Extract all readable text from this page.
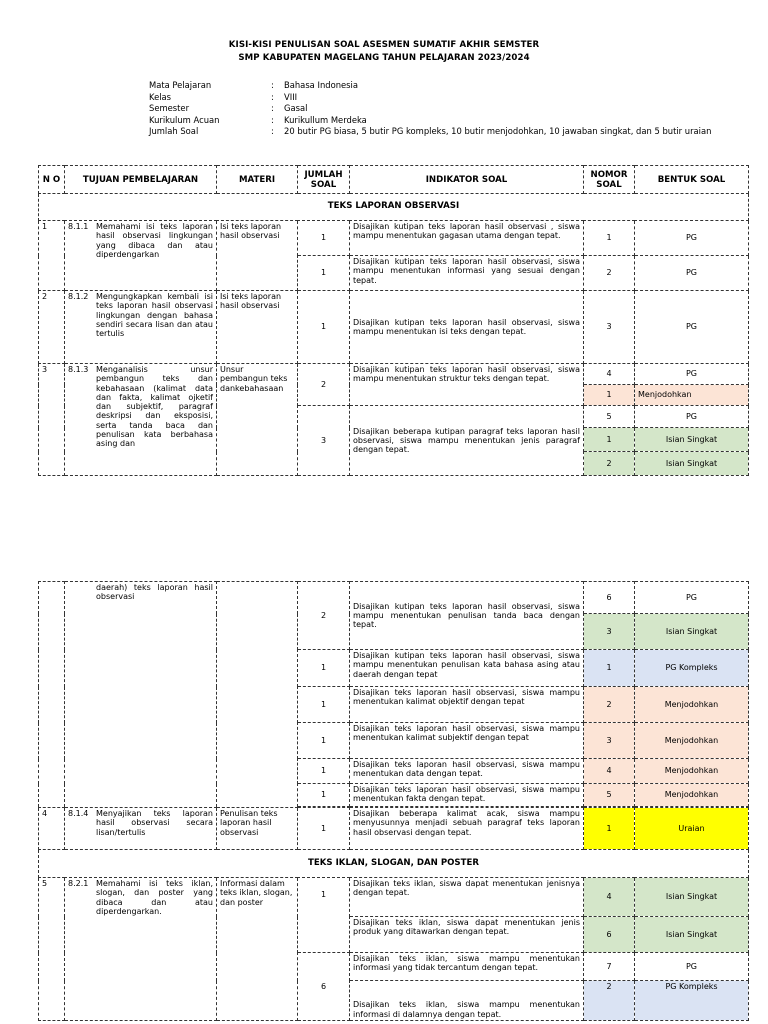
KISI-KISI PENULISAN SOAL ASESMEN SUMATIF AKHIR SEMSTER
SMP KABUPATEN MAGELANG TAHUN PELAJARAN 2023/2024
Mata Pelajaran	:	Bahasa Indonesia
Kelas	:	VIII
Semester	:	Gasal
Kurikulum Acuan	:	Kurikullum Merdeka
Jumlah Soal	:	20 butir PG biasa, 5 butir PG kompleks, 10 butir menjodohkan, 10 jawaban singkat, dan 5 butir uraian
N O	TUJUAN PEMBELAJARAN	MATERI	JUMLAH SOAL	INDIKATOR SOAL	NOMOR SOAL	BENTUK SOAL
TEKS LAPORAN OBSERVASI						
1	8.1.1 Memahami isi teks laporan hasil observasi lingkungan yang dibaca dan atau diperdengarkan	Isi teks laporan hasil observasi	1	Disajikan kutipan teks laporan hasil observasi , siswa mampu menentukan gagasan utama dengan tepat.	1	PG
			1	Disajikan kutipan teks laporan hasil observasi, siswa mampu menentukan informasi yang sesuai dengan tepat.	2	PG
2	8.1.2 Mengungkapkan kembali isi teks laporan hasil observasi lingkungan dengan bahasa sendiri secara lisan dan atau tertulis	Isi teks laporan hasil observasi	1	Disajikan kutipan teks laporan hasil observasi, siswa mampu menentukan isi teks dengan tepat.	3	PG
3	8.1.3 Menganalisis unsur pembangun teks dan kebahasaan (kalimat data dan fakta, kalimat ojketif dan subjektif, paragraf deskripsi dan eksposisi, serta tanda baca dan penulisan kata berbahasa asing dan	Unsur pembangun teks dankebahasaan	2	Disajikan kutipan teks laporan hasil observasi, siswa mampu menentukan struktur teks dengan tepat.	4	PG
					1	Menjodohkan
			3	Disajikan beberapa kutipan paragraf teks laporan hasil observasi, siswa mampu menentukan jenis paragraf dengan tepat.	5	PG
					1	Isian Singkat
					2	Isian Singkat

	daerah) teks laporan hasil observasi		2	Disajikan kutipan teks laporan hasil observasi, siswa mampu menentukan penulisan tanda baca dengan tepat.	6	PG
					3	Isian Singkat
			1	Disajikan kutipan teks laporan hasil observasi, siswa mampu menentukan penulisan kata bahasa asing atau daerah dengan tepat	1	PG Kompleks
			1	Disajikan teks laporan hasil observasi, siswa mampu menentukan kalimat objektif dengan tepat	2	Menjodohkan
			1	Disajikan teks laporan hasil observasi, siswa mampu menentukan kalimat subjektif dengan tepat	3	Menjodohkan
			1	Disajikan teks laporan hasil observasi, siswa mampu menentukan data dengan tepat.	4	Menjodohkan
			1	Disajikan teks laporan hasil observasi, siswa mampu menentukan fakta dengan tepat.	5	Menjodohkan

4	8.1.4 Menyajikan teks laporan hasil observasi secara lisan/tertulis	Penulisan teks laporan hasil observasi	1	Disajikan beberapa kalimat acak, siswa mampu menyusunnya menjadi sebuah paragraf teks laporan hasil observasi dengan tepat.	1	Uraian
TEKS IKLAN, SLOGAN, DAN POSTER						
5	8.2.1 Memahami isi teks iklan, slogan, dan poster yang dibaca dan atau diperdengarkan.	Informasi dalam teks iklan, slogan, dan poster	1	Disajikan teks iklan, siswa dapat menentukan jenisnya dengan tepat.	4	Isian Singkat
				Disajikan teks iklan, siswa dapat menentukan jenis produk yang ditawarkan dengan tepat.	6	Isian Singkat
			6	Disajikan teks iklan, siswa mampu menentukan informasi yang tidak tercantum dengan tepat.	7	PG
				Disajikan teks iklan, siswa mampu menentukan informasi di dalamnya dengan tepat.	2	PG Kompleks
